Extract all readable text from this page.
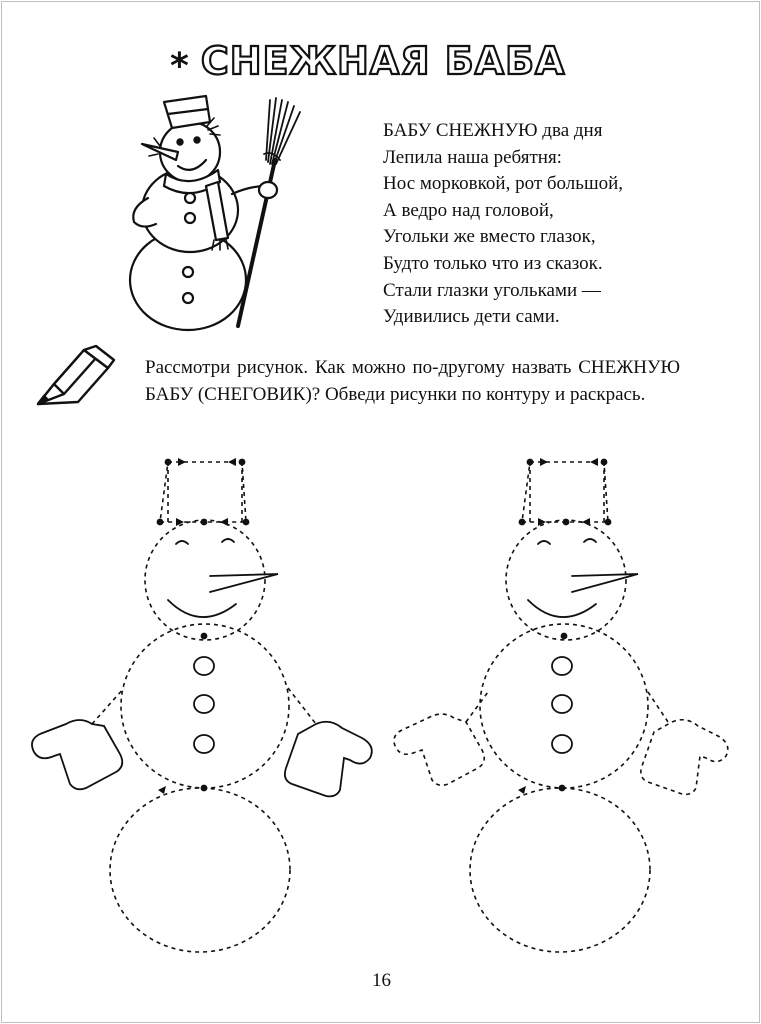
* СНЕЖНАЯ БАБА
БАБУ СНЕЖНУЮ два дня
Лепила наша ребятня:
Нос морковкой, рот большой,
А ведро над головой,
Угольки же вместо глазок,
Будто только что из сказок.
Стали глазки угольками —
Удивились дети сами.
Рассмотри рисунок. Как можно по-другому назвать СНЕЖНУЮ БАБУ (СНЕГОВИК)? Обведи рисунки по контуру и раскрась.
16
